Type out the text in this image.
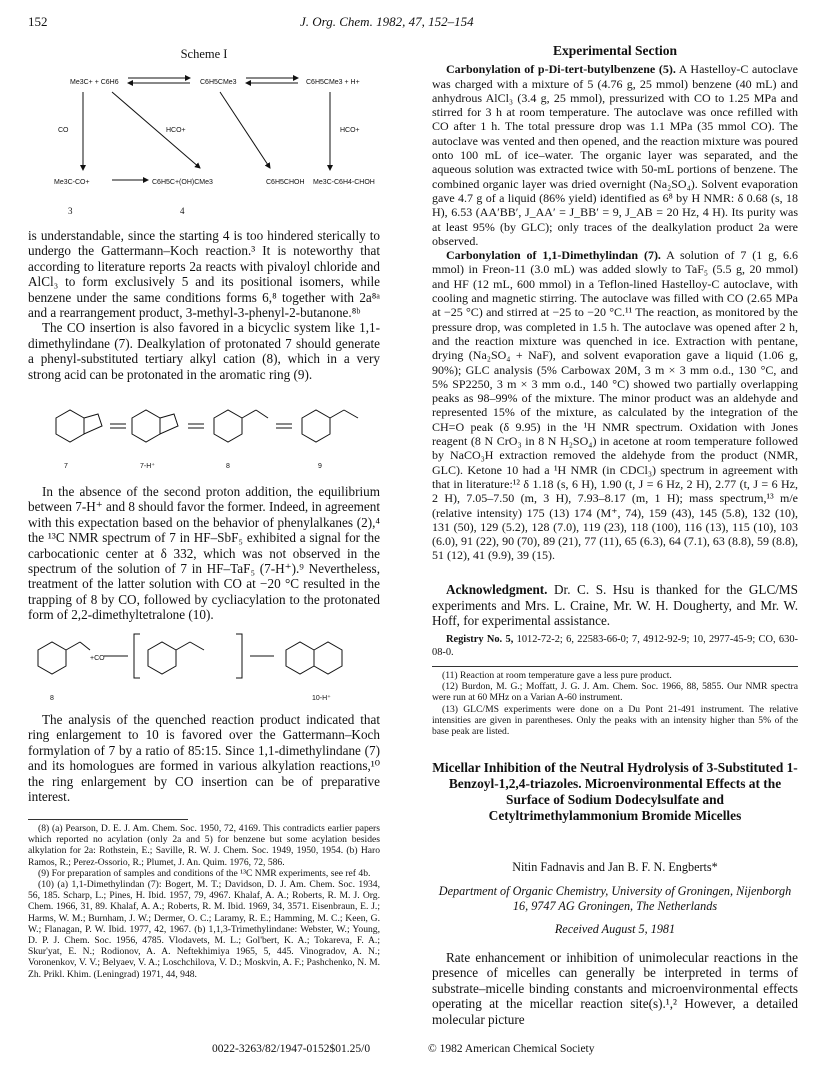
152	J. Org. Chem. 1982, 47, 152–154
Scheme I
Me3C+ + C6H6	C6H5CMe3	C6H5CMe3 + H+
CO	HCO+	HCO+
Me3C-CO+	C6H5C+(OH)CMe3	C6H5CHOH Me3C-C6H4-CHOH
3	4

is understandable, since the starting 4 is too hindered sterically to undergo the Gattermann–Koch reaction.³ It is noteworthy that according to literature reports 2a reacts with pivaloyl chloride and AlCl₃ to form exclusively 5 and its positional isomers, while benzene under the same conditions forms 6,⁸ together with 2a⁸ᵃ and a rearrangement product, 3-methyl-3-phenyl-2-butanone.⁸ᵇ

The CO insertion is also favored in a bicyclic system like 1,1-dimethylindane (7). Dealkylation of protonated 7 should generate a phenyl-substituted tertiary alkyl cation (8), which in a very strong acid can be protonated in the aromatic ring (9).

7	7-H⁺	8	9

In the absence of the second proton addition, the equilibrium between 7-H⁺ and 8 should favor the former. Indeed, in agreement with this expectation based on the behavior of phenylalkanes (2),⁴ the ¹³C NMR spectrum of 7 in HF–SbF₅ exhibited a signal for the carbocationic center at δ 332, which was not observed in the spectrum of the solution of 7 in HF–TaF₅ (7-H⁺).⁹ Nevertheless, treatment of the latter solution with CO at −20 °C resulted in the trapping of 8 by CO, followed by cycliacylation to the protonated form of 2,2-dimethyltetralone (10).

+CO
8	10-H⁺

The analysis of the quenched reaction product indicated that ring enlargement to 10 is favored over the Gattermann–Koch formylation of 7 by a ratio of 85:15. Since 1,1-dimethylindane (7) and its homologues are formed in various alkylation reactions,¹⁰ the ring enlargement by CO insertion can be of preparative interest.

(8) (a) Pearson, D. E. J. Am. Chem. Soc. 1950, 72, 4169. This contradicts earlier papers which reported no acylation (only 2a and 5) for benzene but some acylation besides alkylation for 2a: Rothstein, E.; Saville, R. W. J. Chem. Soc. 1949, 1950, 1954. (b) Haro Ramos, R.; Perez-Ossorio, R.; Plumet, J. An. Quim. 1976, 72, 586.

(9) For preparation of samples and conditions of the ¹³C NMR experiments, see ref 4b.

(10) (a) 1,1-Dimethylindan (7): Bogert, M. T.; Davidson, D. J. Am. Chem. Soc. 1934, 56, 185. Scharp, L.; Pines, H. Ibid. 1957, 79, 4967. Khalaf, A. A.; Roberts, R. M. J. Org. Chem. 1966, 31, 89. Khalaf, A. A.; Roberts, R. M. Ibid. 1969, 34, 3571. Eisenbraun, E. J.; Harms, W. M.; Burnham, J. W.; Dermer, O. C.; Laramy, R. E.; Hamming, M. C.; Keen, G. W.; Flanagan, P. W. Ibid. 1977, 42, 1967. (b) 1,1,3-Trimethylindane: Webster, W.; Young, D. P. J. Chem. Soc. 1956, 4785. Vlodavets, M. L.; Gol'bert, K. A.; Tokareva, F. A.; Skur'yat, E. N.; Rodionov, A. A. Neftekhimiya 1965, 5, 445. Vinogradov, A. N.; Voronenkov, V. V.; Belyaev, V. A.; Loschchilova, V. D.; Moskvin, A. F.; Pashchenko, N. M. Zh. Prikl. Khim. (Leningrad) 1971, 44, 948.

Experimental Section

Carbonylation of p-Di-tert-butylbenzene (5). A Hastelloy-C autoclave was charged with a mixture of 5 (4.76 g, 25 mmol) benzene (40 mL) and anhydrous AlCl₃ (3.4 g, 25 mmol), pressurized with CO to 1.25 MPa and stirred for 3 h at room temperature. The autoclave was once refilled with CO after 1 h. The total pressure drop was 1.1 MPa (35 mmol CO). The autoclave was vented and then opened, and the reaction mixture was poured onto 100 mL of ice–water. The organic layer was separated, and the aqueous solution was extracted twice with 50-mL portions of benzene. The combined organic layer was dried overnight (Na₂SO₄). Solvent evaporation gave 4.7 g of a liquid (86% yield) identified as 6⁸ by H NMR: δ 0.68 (s, 18 H), 6.53 (AA′BB′, J_AA′ = J_BB′ = 9, J_AB = 20 Hz, 4 H). Its purity was at least 95% (by GLC); only traces of the dealkylation product 2a were observed.

Carbonylation of 1,1-Dimethylindan (7). A solution of 7 (1 g, 6.6 mmol) in Freon-11 (3.0 mL) was added slowly to TaF₅ (5.5 g, 20 mmol) and HF (12 mL, 600 mmol) in a Teflon-lined Hastelloy-C autoclave, with cooling and magnetic stirring. The autoclave was filled with CO (2.65 MPa at −25 °C) and stirred at −25 to −20 °C.¹¹ The reaction, as monitored by the pressure drop, was completed in 1.5 h. The autoclave was opened after 2 h, and the reaction mixture was quenched in ice. Extraction with pentane, drying (Na₂SO₄ + NaF), and solvent evaporation gave a liquid (1.06 g, 90%); GLC analysis (5% Carbowax 20M, 3 m × 3 mm o.d., 130 °C, and 5% SP2250, 3 m × 3 mm o.d., 140 °C) showed two partially overlapping peaks as 98–99% of the mixture. The minor product was an aldehyde and represented 15% of the mixture, as calculated by the integration of the CH=O peak (δ 9.95) in the ¹H NMR spectrum. Oxidation with Jones reagent (8 N CrO₃ in 8 N H₂SO₄) in acetone at room temperature followed by NaCO₃H extraction removed the aldehyde from the product (NMR, GLC). Ketone 10 had a ¹H NMR (in CDCl₃) spectrum in agreement with that in literature:¹² δ 1.18 (s, 6 H), 1.90 (t, J = 6 Hz, 2 H), 2.77 (t, J = 6 Hz, 2 H), 7.05–7.50 (m, 3 H), 7.93–8.17 (m, 1 H); mass spectrum,¹³ m/e (relative intensity) 175 (13) 174 (M⁺, 74), 159 (43), 145 (5.8), 132 (10), 131 (50), 129 (5.2), 128 (7.0), 119 (23), 118 (100), 116 (13), 115 (10), 103 (6.0), 91 (22), 90 (70), 89 (21), 77 (11), 65 (6.3), 64 (7.1), 63 (8.8), 59 (8.8), 51 (12), 41 (9.9), 39 (15).

Acknowledgment. Dr. C. S. Hsu is thanked for the GLC/MS experiments and Mrs. L. Craine, Mr. W. H. Dougherty, and Mr. W. Hoff, for experimental assistance.
Registry No. 5, 1012-72-2; 6, 22583-66-0; 7, 4912-92-9; 10, 2977-45-9; CO, 630-08-0.

(11) Reaction at room temperature gave a less pure product.

(12) Burdon, M. G.; Moffatt, J. G. J. Am. Chem. Soc. 1966, 88, 5855. Our NMR spectra were run at 60 MHz on a Varian A-60 instrument.

(13) GLC/MS experiments were done on a Du Pont 21-491 instrument. The relative intensities are given in parentheses. Only the peaks with an intensity higher than 5% of the base peak are listed.

Micellar Inhibition of the Neutral Hydrolysis of 3-Substituted 1-Benzoyl-1,2,4-triazoles. Microenvironmental Effects at the Surface of Sodium Dodecylsulfate and Cetyltrimethylammonium Bromide Micelles
Nitin Fadnavis and Jan B. F. N. Engberts*
Department of Organic Chemistry, University of Groningen, Nijenborgh 16, 9747 AG Groningen, The Netherlands
Received August 5, 1981
Rate enhancement or inhibition of unimolecular reactions in the presence of micelles can generally be interpreted in terms of substrate–micelle binding constants and microenvironmental effects operating at the micellar reaction site(s).¹,² However, a detailed molecular picture
0022-3263/82/1947-0152$01.25/0	© 1982 American Chemical Society
